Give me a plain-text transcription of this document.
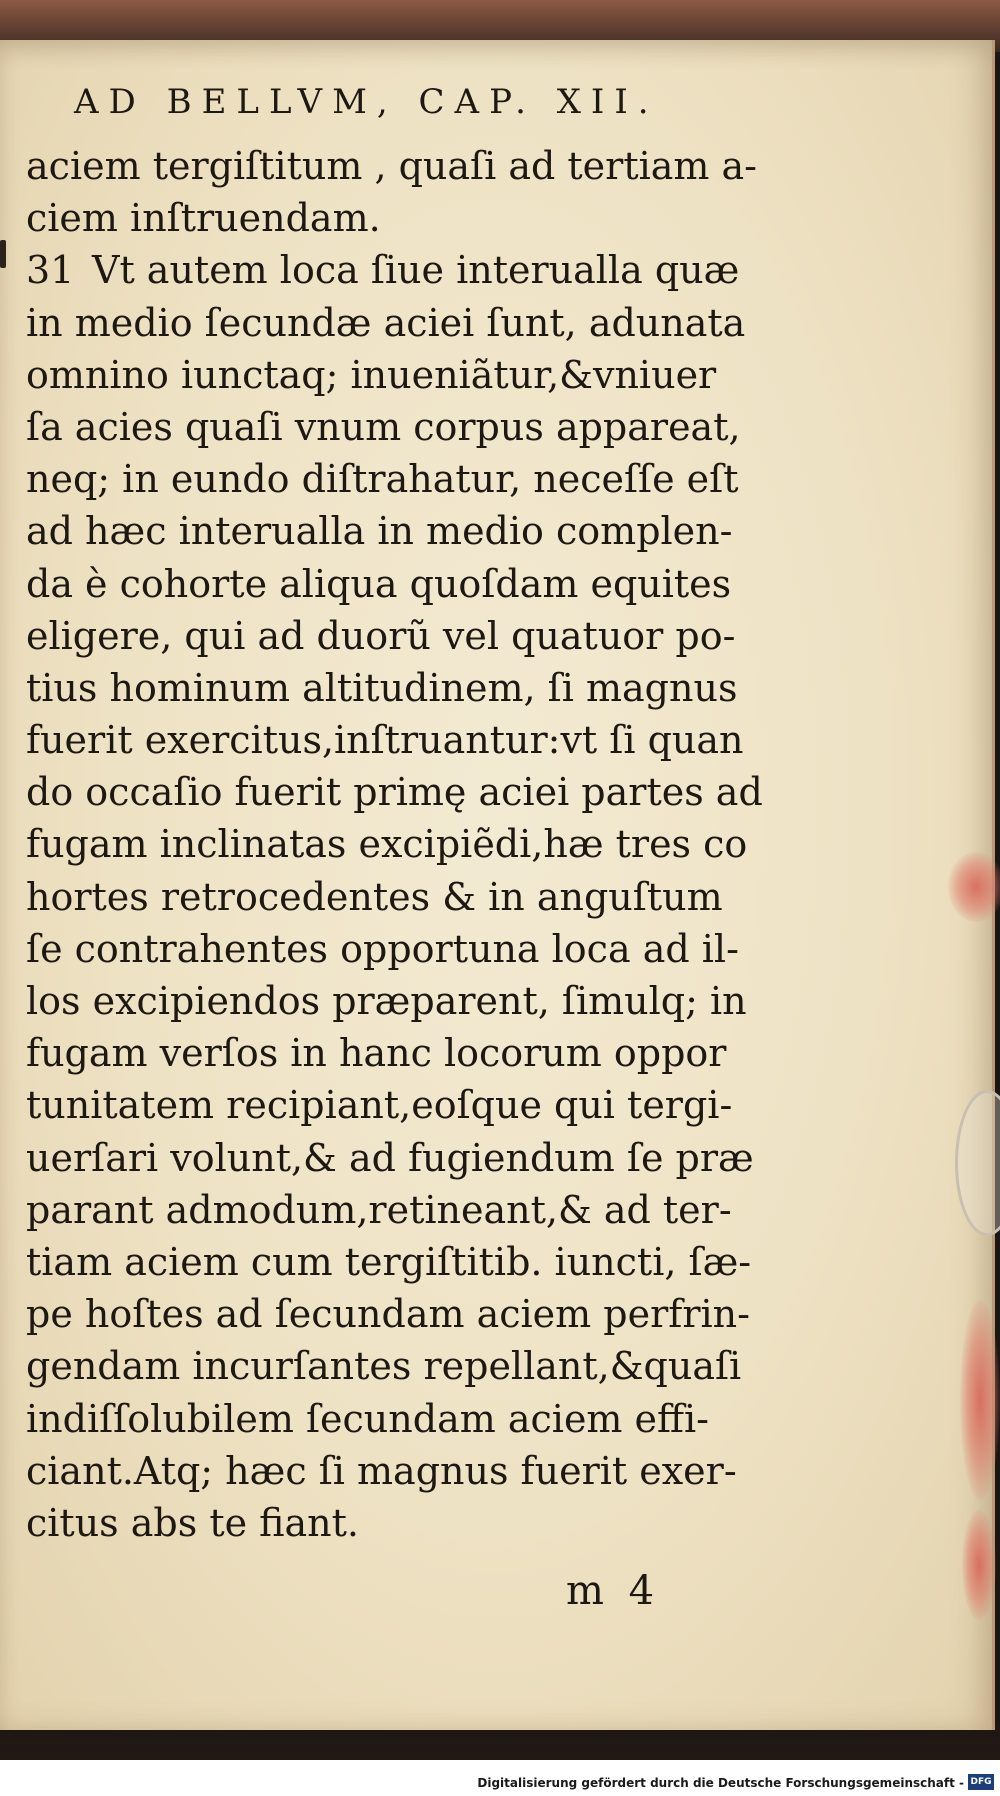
AD BELLVM, CAP. XII.
aciem tergiſtitum , quaſi ad tertiam a-
ciem inſtruendam.
31 Vt autem loca ſiue interualla quæ
in medio ſecundæ aciei ſunt, adunata
omnino iunctaq; inueniãtur,&vniuer
ſa acies quaſi vnum corpus appareat,
neq; in eundo diſtrahatur, neceſſe eſt
ad hæc interualla in medio complen-
da è cohorte aliqua quoſdam equites
eligere, qui ad duorũ vel quatuor po-
tius hominum altitudinem, ſi magnus
fuerit exercitus,inſtruantur:vt ſi quan
do occaſio fuerit primę aciei partes ad
fugam inclinatas excipiẽdi,hæ tres co
hortes retrocedentes & in anguſtum
ſe contrahentes opportuna loca ad il-
los excipiendos præparent, ſimulq; in
fugam verſos in hanc locorum oppor
tunitatem recipiant,eoſque qui tergi-
uerſari volunt,& ad fugiendum ſe præ
parant admodum,retineant,& ad ter-
tiam aciem cum tergiſtitib. iuncti, ſæ-
pe hoſtes ad ſecundam aciem perfrin-
gendam incurſantes repellant,&quaſi
indiſſolubilem ſecundam aciem effi-
ciant.Atq; hæc ſi magnus fuerit exer-
citus abs te fiant.
m 4
Digitalisierung gefördert durch die Deutsche Forschungsgemeinschaft - DFG
